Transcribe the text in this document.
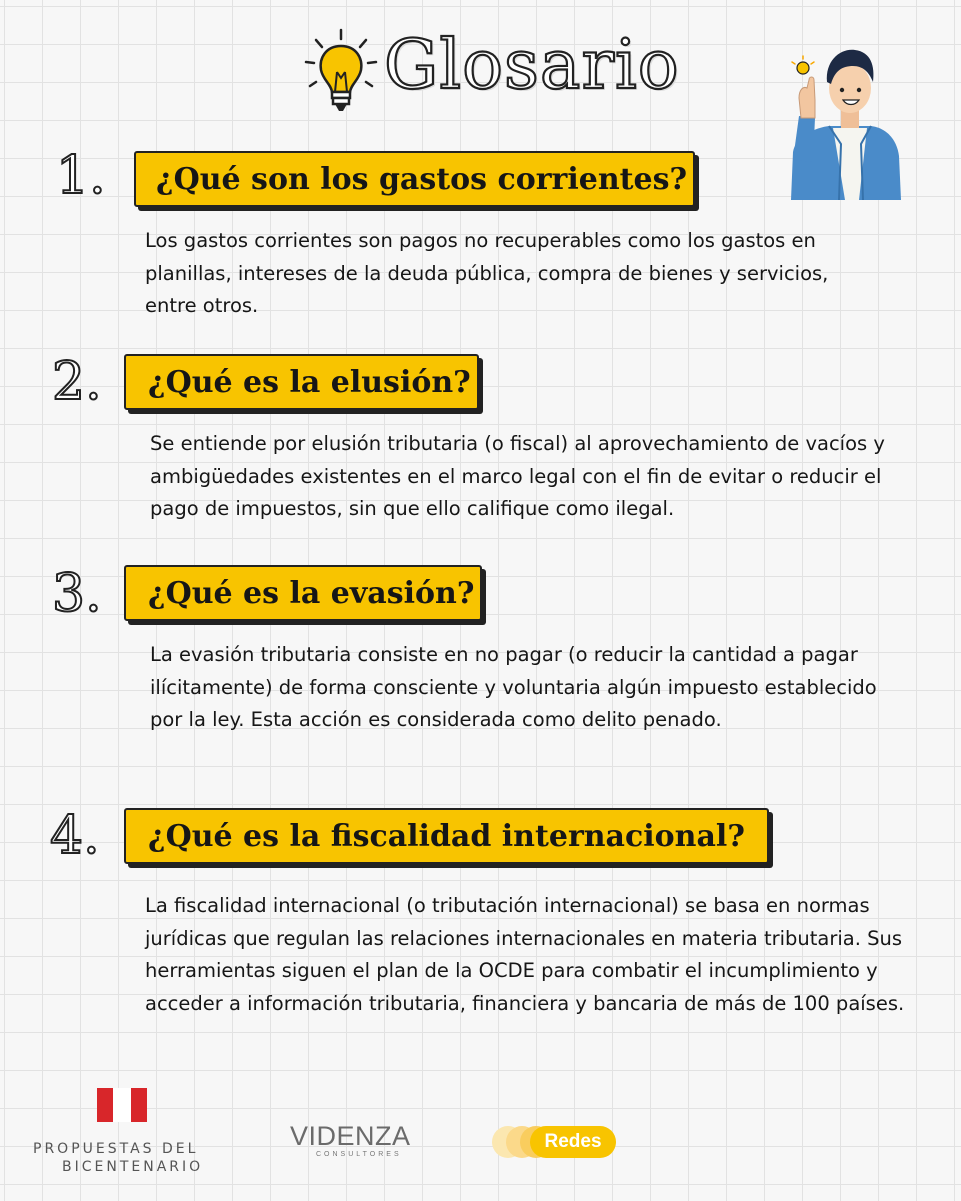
Glosario
1.	¿Qué son los gastos corrientes?
Los gastos corrientes son pagos no recuperables como los gastos en planillas, intereses de la deuda pública, compra de bienes y servicios, entre otros.
2.	¿Qué es la elusión?
Se entiende por elusión tributaria (o fiscal) al aprovechamiento de vacíos y ambigüedades existentes en el marco legal con el fin de evitar o reducir el pago de impuestos, sin que ello califique como ilegal.
3.	¿Qué es la evasión?
La evasión tributaria consiste en no pagar (o reducir la cantidad a pagar ilícitamente) de forma consciente y voluntaria algún impuesto establecido por la ley. Esta acción es considerada como delito penado.
4.	¿Qué es la fiscalidad internacional?
La fiscalidad internacional (o tributación internacional) se basa en normas jurídicas que regulan las relaciones internacionales en materia tributaria. Sus herramientas siguen el plan de la OCDE para combatir el incumplimiento y acceder a información tributaria, financiera y bancaria de más de 100 países.
PROPUESTAS DEL
BICENTENARIO
VIDENZA
CONSULTORES
Redes
